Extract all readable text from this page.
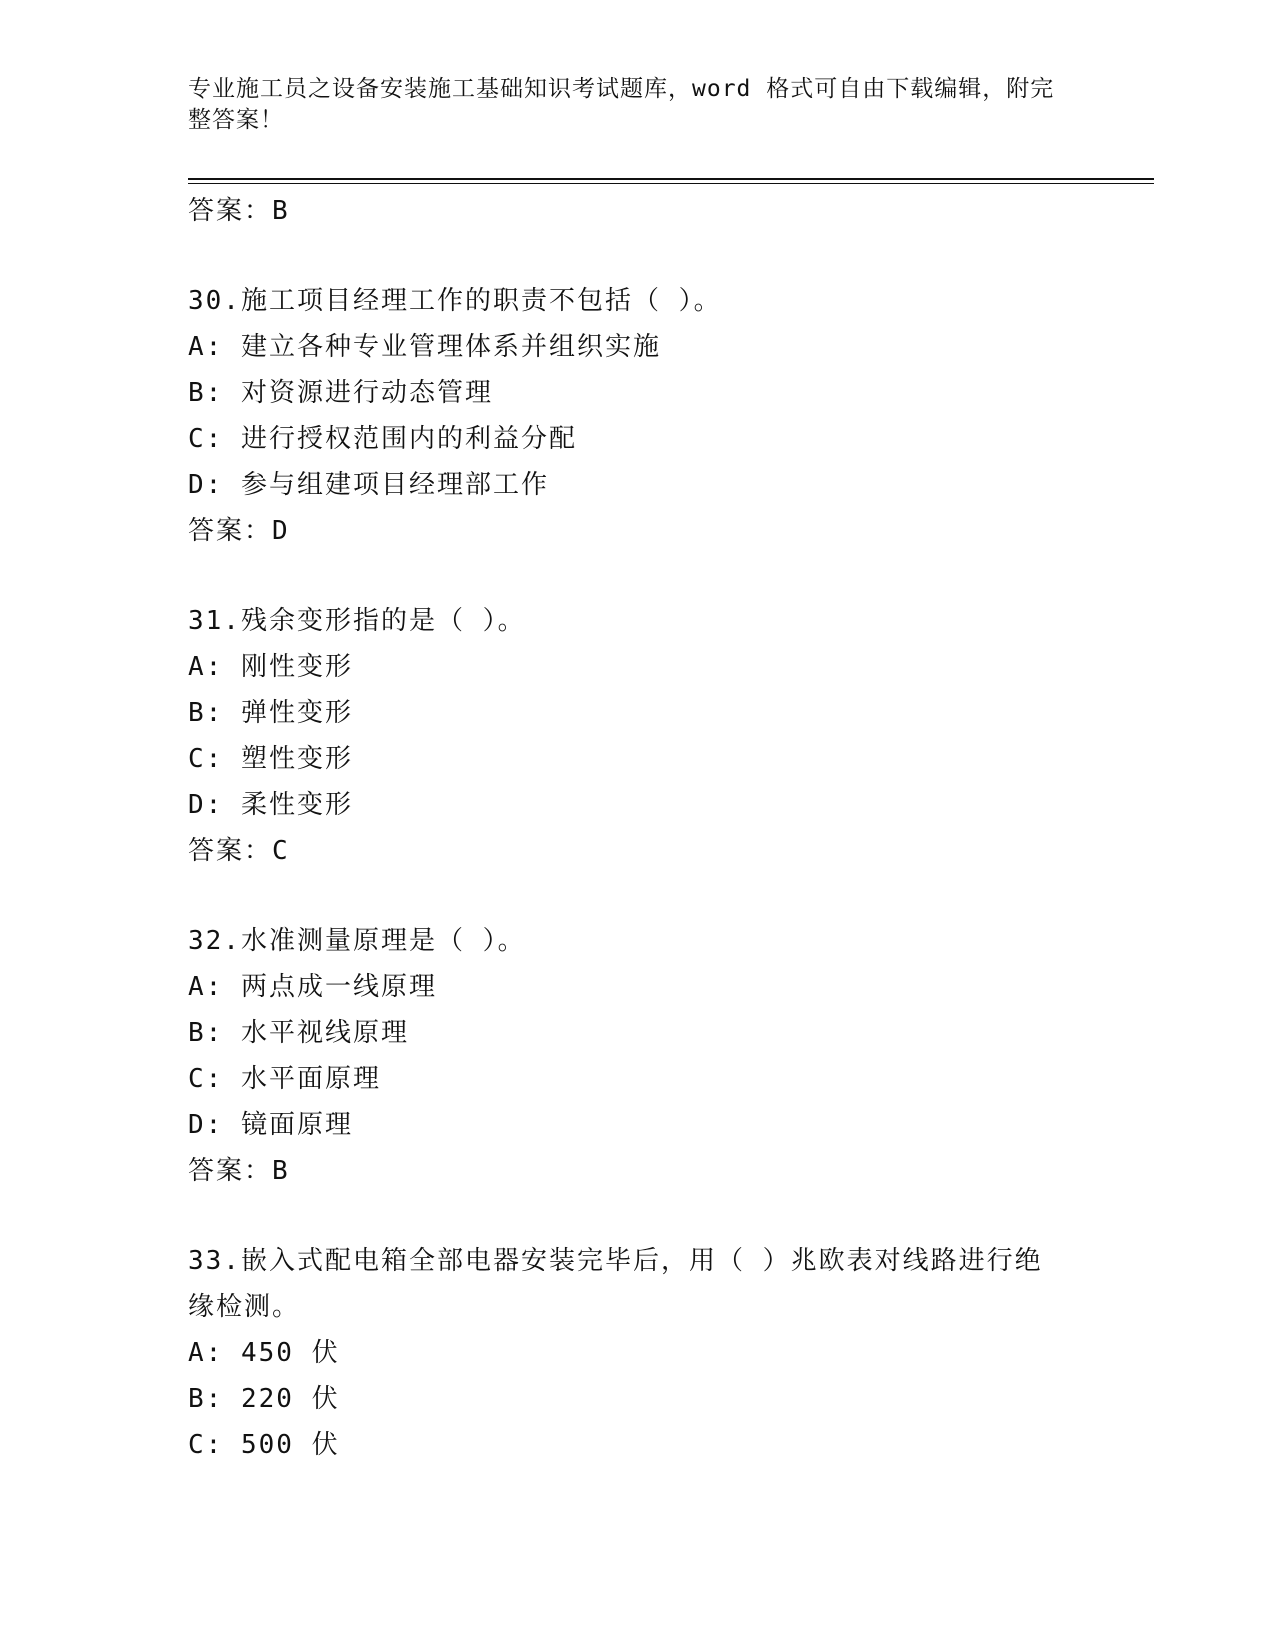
专业施工员之设备安装施工基础知识考试题库，word 格式可自由下载编辑，附完
整答案！
答案：B
30.施工项目经理工作的职责不包括（ ）。
A: 建立各种专业管理体系并组织实施
B: 对资源进行动态管理
C: 进行授权范围内的利益分配
D: 参与组建项目经理部工作
答案：D
31.残余变形指的是（ ）。
A: 刚性变形
B: 弹性变形
C: 塑性变形
D: 柔性变形
答案：C
32.水准测量原理是（ ）。
A: 两点成一线原理
B: 水平视线原理
C: 水平面原理
D: 镜面原理
答案：B
33.嵌入式配电箱全部电器安装完毕后，用（ ）兆欧表对线路进行绝
缘检测。
A: 450 伏
B: 220 伏
C: 500 伏
